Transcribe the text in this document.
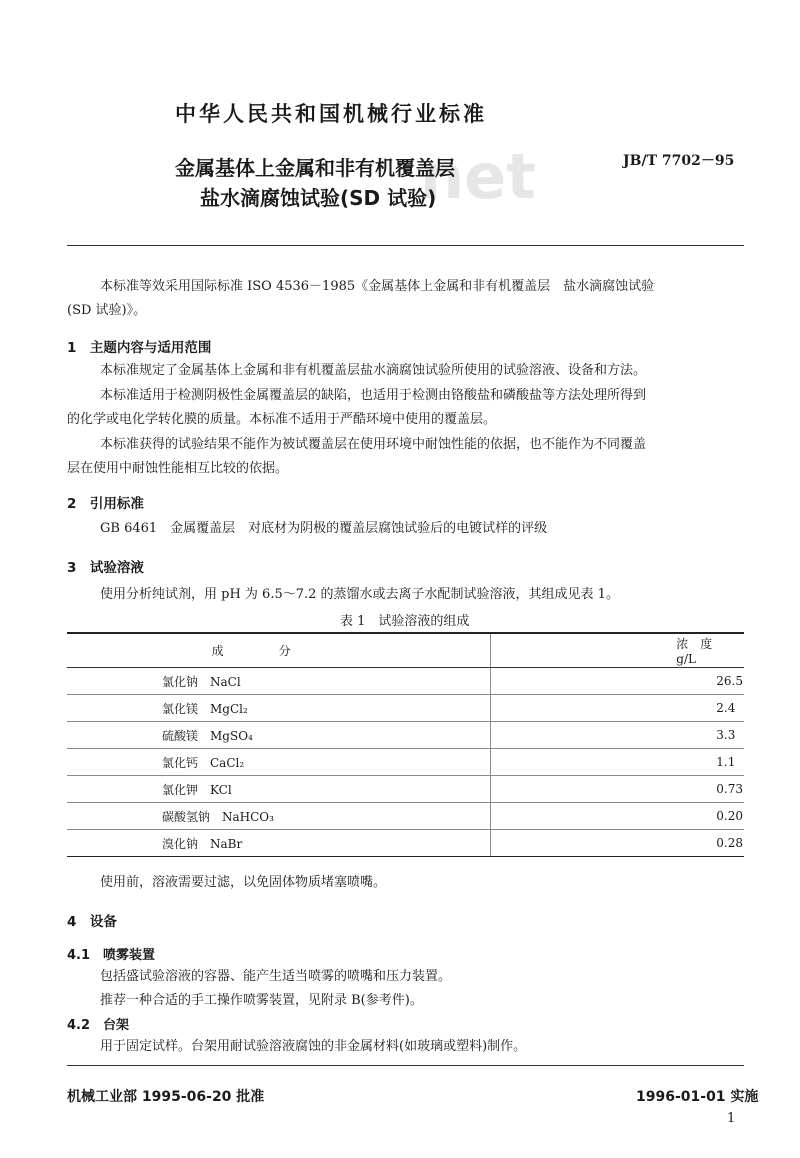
net
中华人民共和国机械行业标准
金属基体上金属和非有机覆盖层
盐水滴腐蚀试验(SD 试验)
JB/T 7702－95
本标准等效采用国际标准 ISO 4536－1985《金属基体上金属和非有机覆盖层　盐水滴腐蚀试验
(SD 试验)》。
1　主题内容与适用范围
本标准规定了金属基体上金属和非有机覆盖层盐水滴腐蚀试验所使用的试验溶液、设备和方法。
本标准适用于检测阴极性金属覆盖层的缺陷，也适用于检测由铬酸盐和磷酸盐等方法处理所得到
的化学或电化学转化膜的质量。本标准不适用于严酷环境中使用的覆盖层。
本标准获得的试验结果不能作为被试覆盖层在使用环境中耐蚀性能的依据，也不能作为不同覆盖
层在使用中耐蚀性能相互比较的依据。
2　引用标准
GB 6461　金属覆盖层　对底材为阴极的覆盖层腐蚀试验后的电镀试样的评级
3　试验溶液
使用分析纯试剂，用 pH 为 6.5～7.2 的蒸馏水或去离子水配制试验溶液，其组成见表 1。
表 1　试验溶液的组成
成分	浓　度　　g/L
氯化钠　NaCl	26.5
氯化镁　MgCl₂	2.4
硫酸镁　MgSO₄	3.3
氯化钙　CaCl₂	1.1
氯化钾　KCl	0.73
碳酸氢钠　NaHCO₃	0.20
溴化钠　NaBr	0.28
使用前，溶液需要过滤，以免固体物质堵塞喷嘴。
4　设备
4.1　喷雾装置
包括盛试验溶液的容器、能产生适当喷雾的喷嘴和压力装置。
推荐一种合适的手工操作喷雾装置，见附录 B(参考件)。
4.2　台架
用于固定试样。台架用耐试验溶液腐蚀的非金属材料(如玻璃或塑料)制作。
机械工业部 1995-06-20 批准	1996-01-01 实施
1
